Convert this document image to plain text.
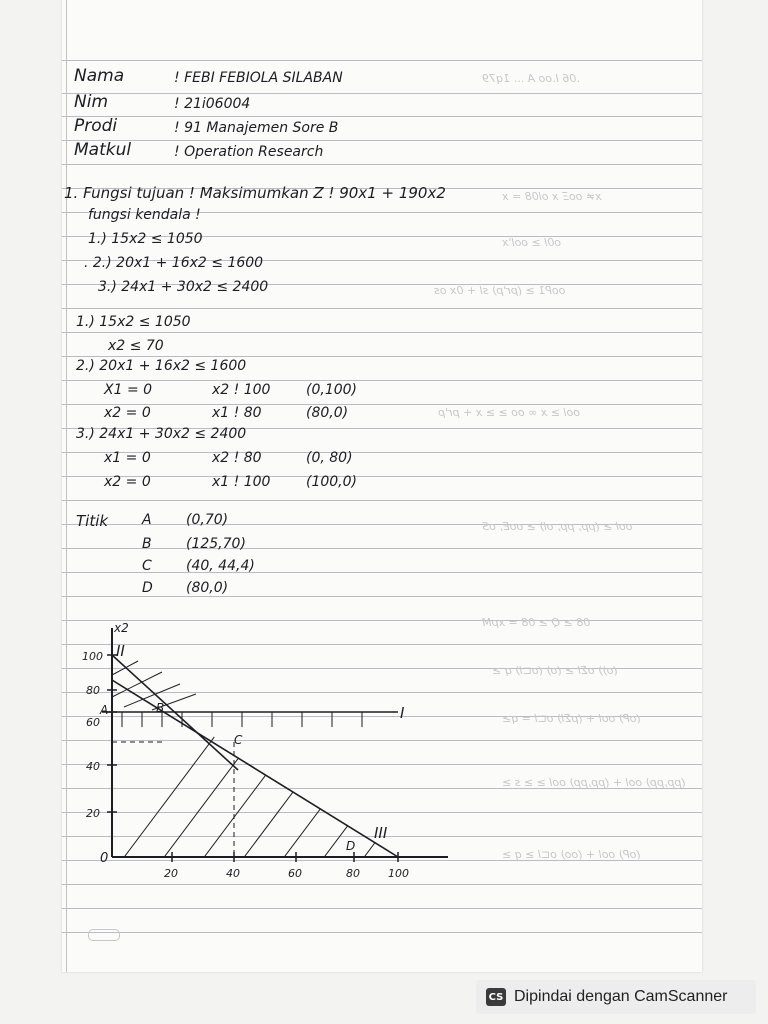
.06 I.oo A ... 1q79
x≠ ooΞ x ol08 = x
o0l ≥ ool'x
ooP1 ≥ (pr'p) sl + 0x os
ool ≥ x ∞ oo ≥ ≥ x + pr'p
ool ≥ (pp, pp, ol) ≥ ooE, oS
08 ≥ Q ≥ 08 = xpM
(o)) oΣl ≥ (o) (o⊏l) q ≥
(oP) ool + (pΣl) o⊏l = q≥
(pp,pp) ool + (pp,pp) ool ≥ ≥ s ≥
(oP) ool + (oo) o⊏l ≥ q ≥
Nama	! FEBI FEBIOLA SILABAN
Nim	! 21i06004
Prodi	! 91 Manajemen Sore B
Matkul	! Operation Research
1. Fungsi tujuan ! Maksimumkan Z ! 90x1 + 190x2
fungsi kendala !
1.) 15x2 ≤ 1050
. 2.) 20x1 + 16x2 ≤ 1600
3.) 24x1 + 30x2 ≤ 2400
1.) 15x2 ≤ 1050
x2 ≤ 70
2.) 20x1 + 16x2 ≤ 1600
X1 = 0	x2 ! 100	(0,100)
x2 = 0	x1 ! 80	(80,0)
3.) 24x1 + 30x2 ≤ 2400
x1 = 0	x2 ! 80	(0, 80)
x2 = 0	x1 ! 100	(100,0)
Titik A (0,70)
B (125,70)
C (40, 44,4)
D (80,0)
x2
100
80
60
40
20
0
20	40	60	80	100
I
II
III
A	B
C
D
CS Dipindai dengan CamScanner
